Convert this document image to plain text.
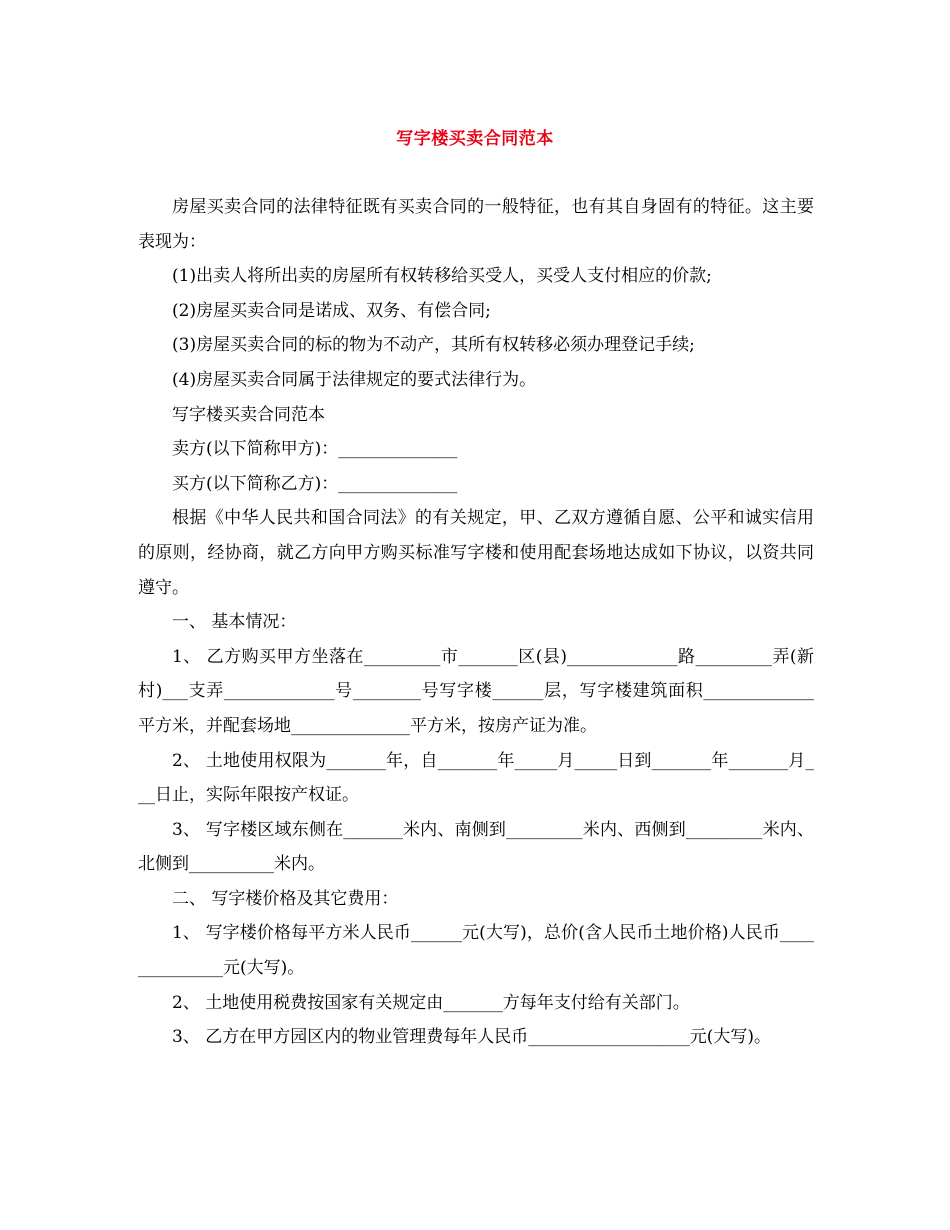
写字楼买卖合同范本

房屋买卖合同的法律特征既有买卖合同的一般特征，也有其自身固有的特征。这主要表现为：

(1)出卖人将所出卖的房屋所有权转移给买受人，买受人支付相应的价款;

(2)房屋买卖合同是诺成、双务、有偿合同;

(3)房屋买卖合同的标的物为不动产，其所有权转移必须办理登记手续;

(4)房屋买卖合同属于法律规定的要式法律行为。

写字楼买卖合同范本

卖方(以下简称甲方)：______________

买方(以下简称乙方)：______________

根据《中华人民共和国合同法》的有关规定，甲、乙双方遵循自愿、公平和诚实信用的原则，经协商，就乙方向甲方购买标准写字楼和使用配套场地达成如下协议，以资共同遵守。

一、 基本情况：

1、 乙方购买甲方坐落在_________市_______区(县)_____________路_________弄(新村)___支弄_____________号________号写字楼______层，写字楼建筑面积_____________平方米，并配套场地______________平方米，按房产证为准。

2、 土地使用权限为_______年，自_______年_____月_____日到_______年_______月___日止，实际年限按产权证。

3、 写字楼区域东侧在_______米内、南侧到_________米内、西侧到_________米内、北侧到__________米内。

二、 写字楼价格及其它费用：

1、 写字楼价格每平方米人民币______元(大写)，总价(含人民币土地价格)人民币______________元(大写)。

2、 土地使用税费按国家有关规定由_______方每年支付给有关部门。

3、 乙方在甲方园区内的物业管理费每年人民币___________________元(大写)。
